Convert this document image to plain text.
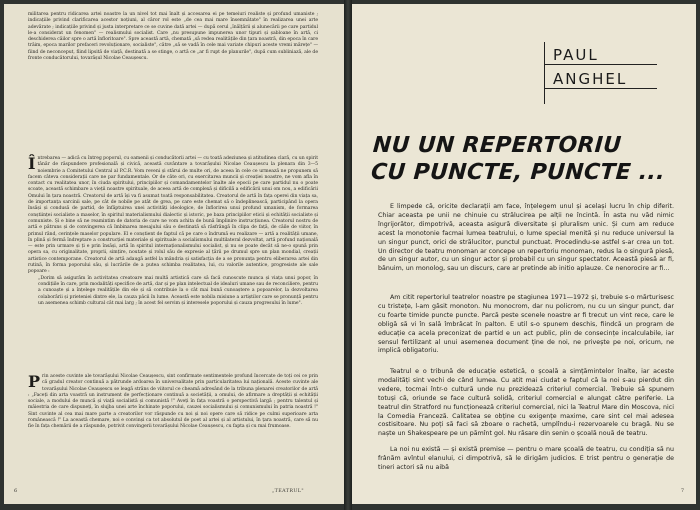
militarea pentru ridicarea artei noastre la un nivel tot mai înalt și accesarea ei pe temeiuri realiste și profund umaniste ; indicațiile privind clarificarea acestor noțiuni, al căror rol este „de cea mai mare însemnătate" în realizarea unei arte adevărate ; indicațiile privind și justa interpretare ce se cuvine dată artei — după cerul „înălțării și alunecării pe care partidul le-a considerat un fenomen" — realismului socialist. Care „nu presupune impunerea unor tipuri și șabloane în artă, ci deschiderea căilor spre o artă înfloritoare". Spre această artă, chemată „să redea realitățile din țara noastră, din epoca în care trăim, epoca marilor prefaceri revoluționare, socialiste", către „să se vadă în cele mai variate chipuri aceste vremi mărețe" — fiind de neconceput, fiind lipsită de viață, destinată a se stinge, o artă ce „ar fi rupt de planurile", după cum subliniază, ale de fronte conducătorului, tovarășul Nicolae Ceaușescu.

Î ntrebarea — adică cu întreg poporul, cu oamenii și conducătorii artei — cu toată adeziunea și atitudinea clară, cu un spirit tânăr de răspundere profesională și civică, această cuvântare a tovarășului Nicolae Ceaușescu la plenara din 3—5 noiembrie a Comitetului Central al P.C.R. Vom reveni și stărui de multe ori, de aceea în cele ce urmează ne propunem să facem câteva considerații care ne par fundamentale. Or de câte ori, cu exercitarea muncii și creației noastre, ne vom afla în contact cu realitatea unor, în ciuda spiritului, principiilor și comandamentelor înalte ale epocii pe care partidul nu o poate scoate, această schimbare a vieții noastre spirituale, de aceea artă de complexă și dificilă a edificării unui om nou, a edificării Omului în țara noastră. Creatorul de artă își va fi asumat toată responsabilitatea. Creatorul de artă în fața operei din viața sa, de importanța sarcinii sale, pe cât de nobile pe atât de grea, pe care este chemat să o îndeplinească, participând la opera însăși și condusă de partid, de înfăptuirea unei activități ideologice, de înflorirea unui profund umanism, de formarea conștiinței socialiste a maselor, în spiritul materialismului dialectic și istoric, pe baza principiilor eticii și echității socialiste și comuniste. Și e bine să ne reamintim de datoria de care ne vom achita de bună împlinire instrucțiunea. Creatorul nostru de artă e pătruns și de convingerea că îmbinarea mesajului său e destinată să răsfrângă în clipa de față, de căile de viitor, în primul rând, cerințele maselor populare. El e conștient de faptul că pe care o îndrumă eu realizare — artă a realității umane, în plină și fermă îndreptare a construcției materiale și spirituale a socialismului multilateral dezvoltat, artă profund națională — este prin urmare și ți e prin însăși, artă în spiritul internaționalismului socialist, și nu se poate decât să ne-o spună prin opera sa, cu originalitate, proprii, simțire, noutate și rolul său de expresie al țării pe drumul spre un plan mondial, creații artistice contemporane. Creatorul de artă adaugă astfel la mândria și satisfacția de a se pronunța pentru eliberarea artei din rutină, în forma poporului său, și lucrările de a putea schimba realitatea, lui, cu valorile autentice, progresiste ale sale popoare :

„Dorim să asigurăm în activitatea creatoare mai multă artistică care să facă cunoscute munca și viața unui popor, în condițiile în care, prin modalități specifice de artă, dar și pe plan intelectual de idealuri umane sau de reconciliere, pentru a cunoaște și a înțelege realitățile din ele și să contribuie la o cât mai bună cunoaștere a popoarelor, la dezvoltarea colaborării și prieteniei dintre ele, la cauza păcii în lume. Această este nobila misiune a artiștilor care se pronunță pentru un asemenea schimb cultural cât mai larg ; în acest fel servim și interesele poporului și cauza progresului în lume".

P rin aceste cuvinte ale tovarășului Nicolae Ceaușescu, sint confirmate sentimentele profund încercate de toți cei ce prin că gradul creator continuă a pătrunde ardoarea în universalitate prin particularitatea lui națională. Aceste cuvinte ale tovarășului Nicolae Ceaușescu se leagă strâns de viitorul ce cheamă adresând de la tribuna plenarei creatorilor de artă : „Faceți din arta voastră un instrument de perfecționare continuă a societății, a omului, de afirmare a dreptății și echității sociale, a modului de muncă și viață socialistă și comunistă !" Aveți în fața voastră o perspectivă largă ; pentru talentul și măiestria de care dispuneți, în slujba unei arte închinate poporului, cauzei socialismului și comunismului în patria noastră !" Sint cuvinte al cea mai mare parte a creatorilor vor răspunde cu noi și noi opere care să ridice pe culmi superioare arta românească !" La această chemare, noi e convinși ca tot absolutul de poet al artei și al artistului, în țara noastră, care să nu fie în fața chemării de a răspunde, potrivit convingerii tovarășului Nicolae Ceaușescu, cu fapta și cu mai frumoase.

6	„TEATRUL"
PAUL
ANGHEL
NU UN REPERTORIU
CU PUNCTE, PUNCTE ...

E limpede că, oricite declarații am face, înțelegem unul și același lucru în chip diferit. Chiar aceasta pe unii ne chinuie cu strălucirea pe alții ne încintă. În asta nu văd nimic îngrijorător, dimpotrivă, aceasta asigură diversitate și pluralism unic. Și cum am reduce acest la monotonie facmai lumea teatrului, o lume special menită și nu reduce universul la un singur punct, orici de strălucitor, punctul punctuat. Procedindu-se astfel s-ar crea un tot. Un director de teatru monoman ar concepe un repertoriu monoman, redus la o singură piesă, de un singur autor, cu un singur actor și probabil cu un singur spectator. Această piesă ar fi, bănuim, un monolog, sau un discurs, care ar pretinde ab initio aplauze. Ce nenorocire ar fi...

Am citit repertoriul teatrelor noastre pe stagiunea 1971—1972 și, trebuie s-o mărturisesc cu tristețe, l-am găsit monoton. Nu monocrom, dar nu policrom, nu cu un singur punct, dar cu foarte timide puncte puncte. Parcă peste scenele noastre ar fi trecut un vint rece, care le obligă să vi în sală îmbrăcat în palton. E util s-o spunem deschis, fiindcă un program de educație ca acela preconizat de partid e un act public, plin de consecințe incalculabile, iar sensul fertilizant al unui asemenea document ține de noi, ne privește pe noi, oricum, ne implică obligatoriu.

Teatrul e o tribună de educație estetică, o școală a simțămintelor înalte, iar aceste modalități sint vechi de când lumea. Cu atit mai ciudat e faptul că la noi s-au pierdut din vedere, tocmai într-o cultură unde nu prezidează criteriul comercial. Trebuie să spunem totuși că, oriunde se face cultură solidă, criteriul comercial e alungat către periferie. La teatrul din Stratford nu funcționează criteriul comercial, nici la Teatrul Mare din Moscova, nici la Comedia Franceză. Calitatea se obține cu exigențe maxime, care sint cel mai adesea costisitoare. Nu poți să faci să zboare o rachetă, umplîndu-i rezervoarele cu bragă. Nu se naște un Shakespeare pe un pămînt gol. Nu răsare din senin o școală nouă de teatru.

La noi nu există — și există premise — pentru o mare școală de teatru, cu condiția să nu frânăm avîntul elanului, ci dimpotrivă, să le dirigăm judicios. E trist pentru o generație de tineri actori să nu aibă

7
